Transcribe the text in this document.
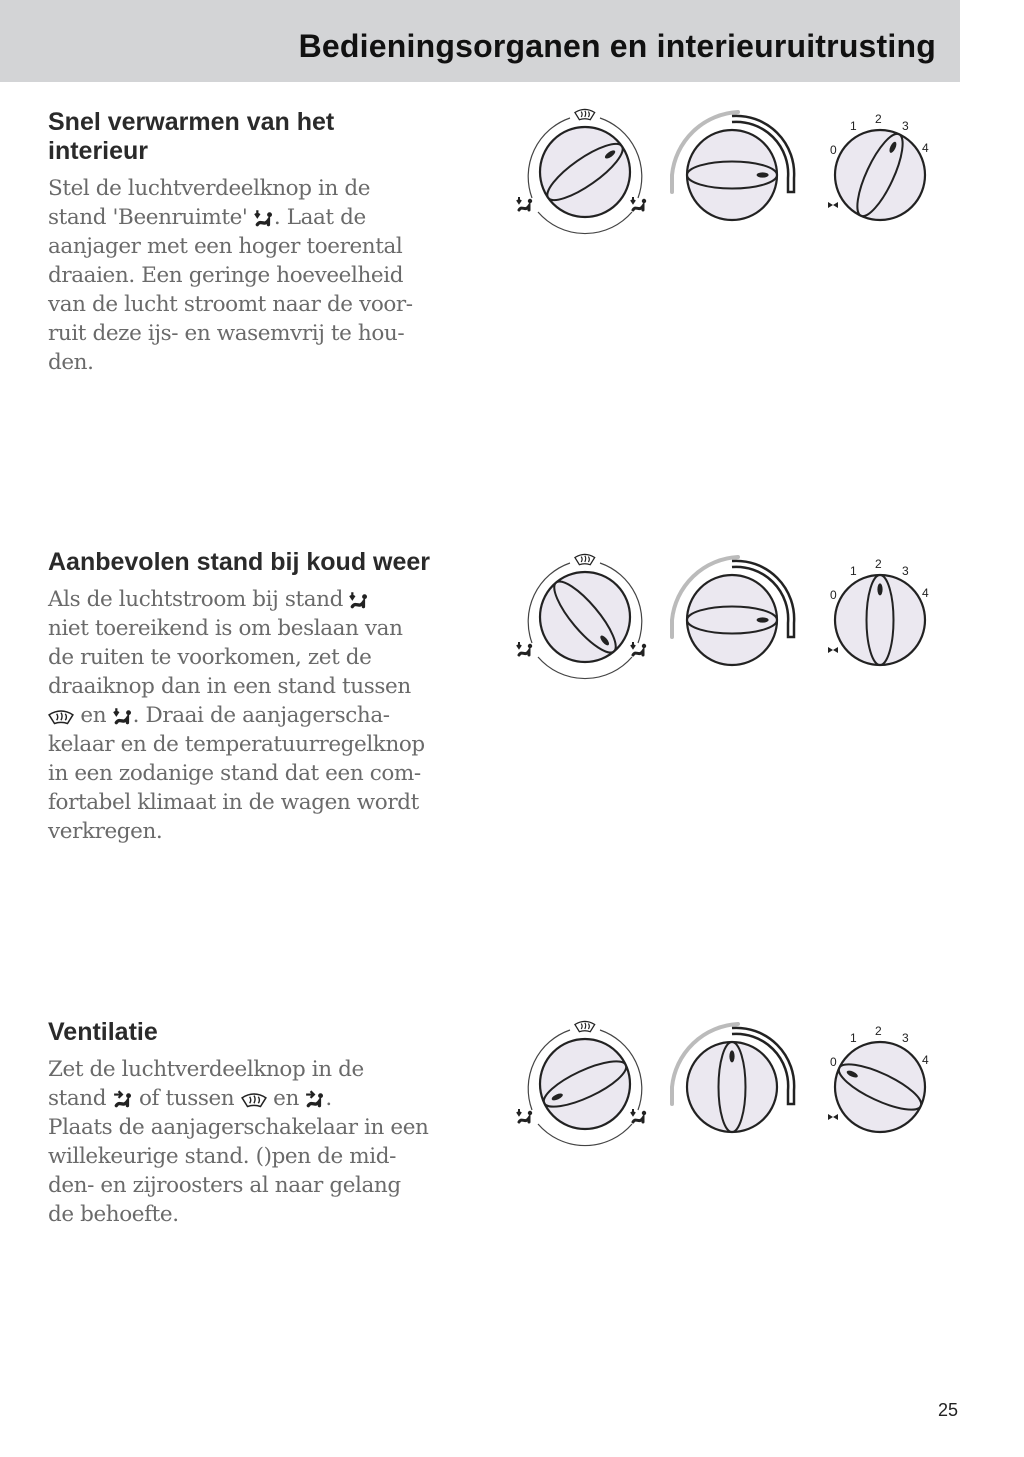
Bedieningsorganen en interieuruitrusting
Snel verwarmen van het
interieur

Stel de luchtverdeelknop in de
stand 'Beenruimte' . Laat de
aanjager met een hoger toerental
draaien. Een geringe hoeveelheid
van de lucht stroomt naar de voor-
ruit deze ijs- en wasemvrij te hou-
den.

Aanbevolen stand bij koud weer

Als de luchtstroom bij stand
niet toereikend is om beslaan van
de ruiten te voorkomen, zet de
draaiknop dan in een stand tussen
en . Draai de aanjagerscha-
kelaar en de temperatuurregelknop
in een zodanige stand dat een com-
fortabel klimaat in de wagen wordt
verkregen.

Ventilatie

Zet de luchtverdeelknop in de
stand  of tussen  en .
Plaats de aanjagerschakelaar in een
willekeurige stand. ()pen de mid-
den- en zijroosters al naar gelang
de behoefte.

0
1 2 3
4
0
1 2 3
4
0
1 2 3
4
25
